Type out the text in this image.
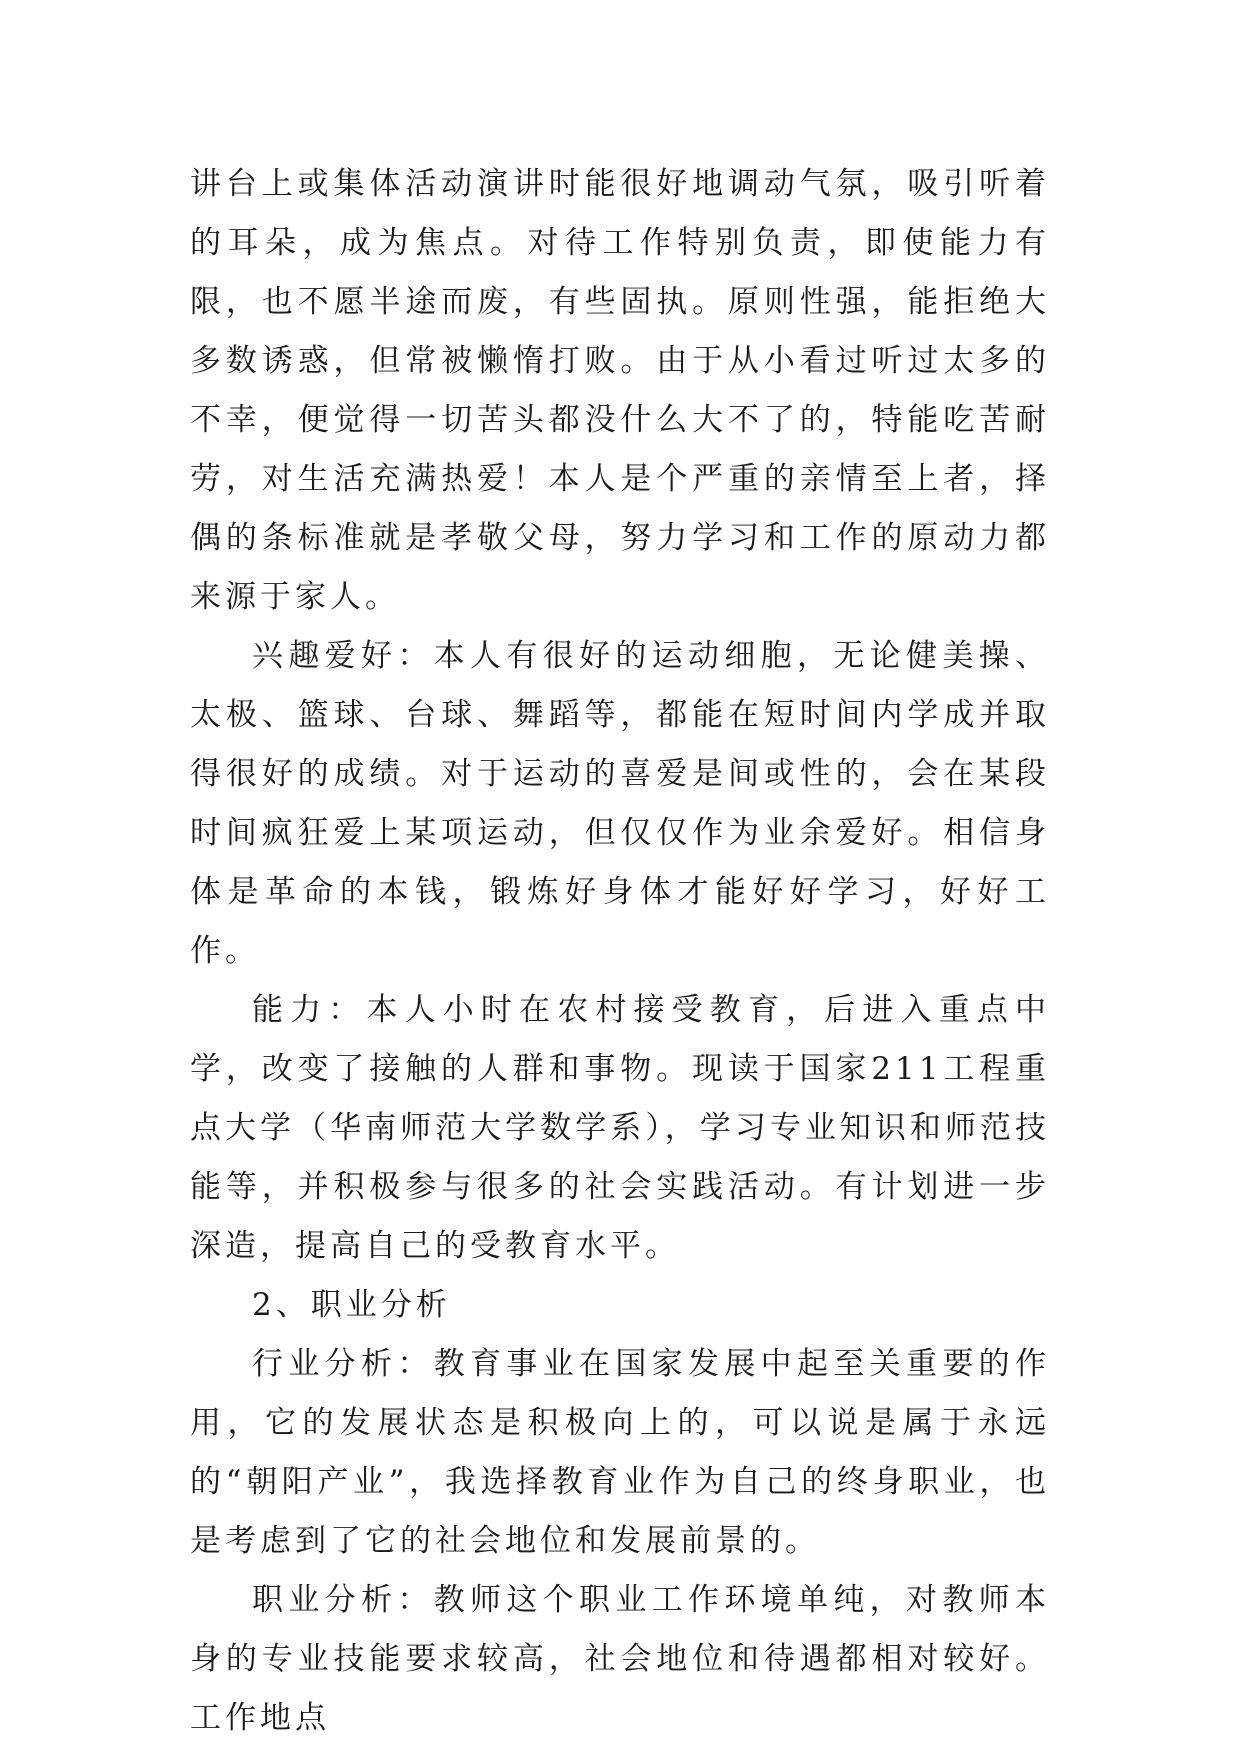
讲台上或集体活动演讲时能很好地调动气氛，吸引听着的耳朵，成为焦点。对待工作特别负责，即使能力有限，也不愿半途而废，有些固执。原则性强，能拒绝大多数诱惑，但常被懒惰打败。由于从小看过听过太多的不幸，便觉得一切苦头都没什么大不了的，特能吃苦耐劳，对生活充满热爱！本人是个严重的亲情至上者，择偶的条标准就是孝敬父母，努力学习和工作的原动力都来源于家人。

兴趣爱好：本人有很好的运动细胞，无论健美操、太极、篮球、台球、舞蹈等，都能在短时间内学成并取得很好的成绩。对于运动的喜爱是间或性的，会在某段时间疯狂爱上某项运动，但仅仅作为业余爱好。相信身体是革命的本钱，锻炼好身体才能好好学习，好好工作。

能力：本人小时在农村接受教育，后进入重点中学，改变了接触的人群和事物。现读于国家211工程重点大学（华南师范大学数学系），学习专业知识和师范技能等，并积极参与很多的社会实践活动。有计划进一步深造，提高自己的受教育水平。

2、职业分析

行业分析：教育事业在国家发展中起至关重要的作用，它的发展状态是积极向上的，可以说是属于永远的“朝阳产业”，我选择教育业作为自己的终身职业，也是考虑到了它的社会地位和发展前景的。

职业分析：教师这个职业工作环境单纯，对教师本身的专业技能要求较高，社会地位和待遇都相对较好。工作地点
